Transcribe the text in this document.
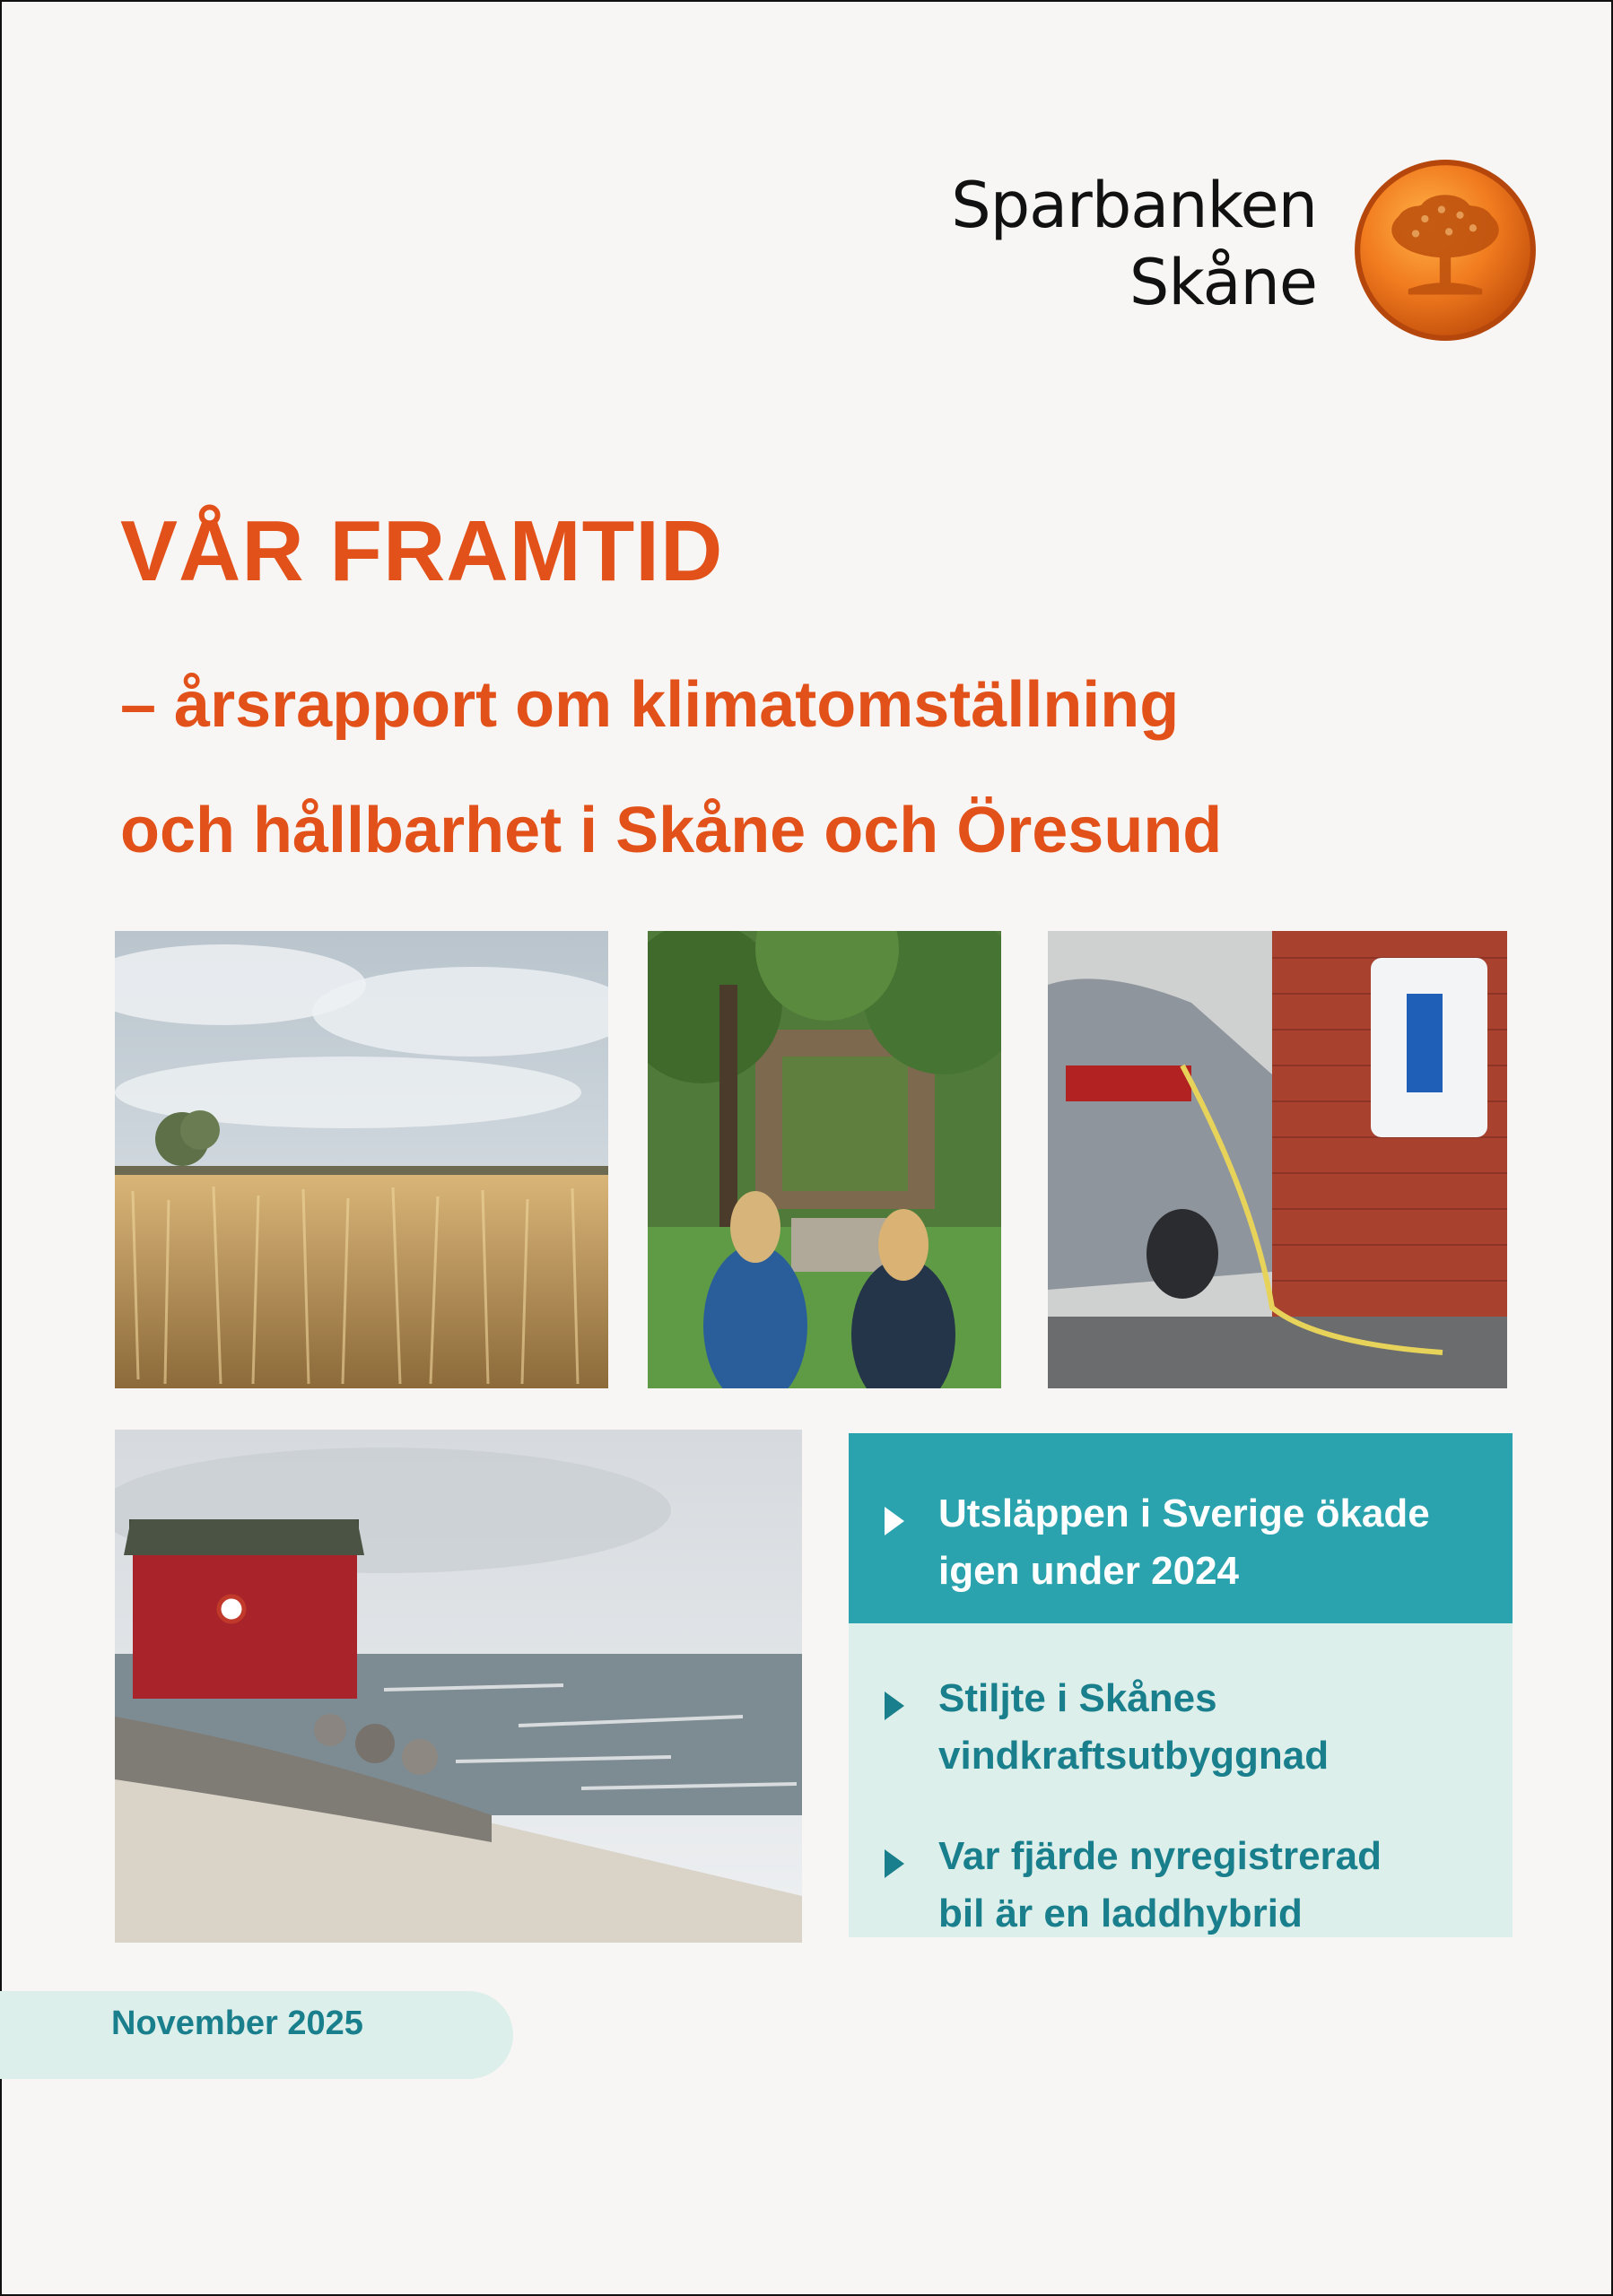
Sparbanken
Skåne
VÅR FRAMTID
– årsrapport om klimatomställning
och hållbarhet i Skåne och Öresund
Utsläppen i Sverige ökade
igen under 2024
Stiljte i Skånes
vindkraftsutbyggnad
Var fjärde nyregistrerad
bil är en laddhybrid
November 2025
